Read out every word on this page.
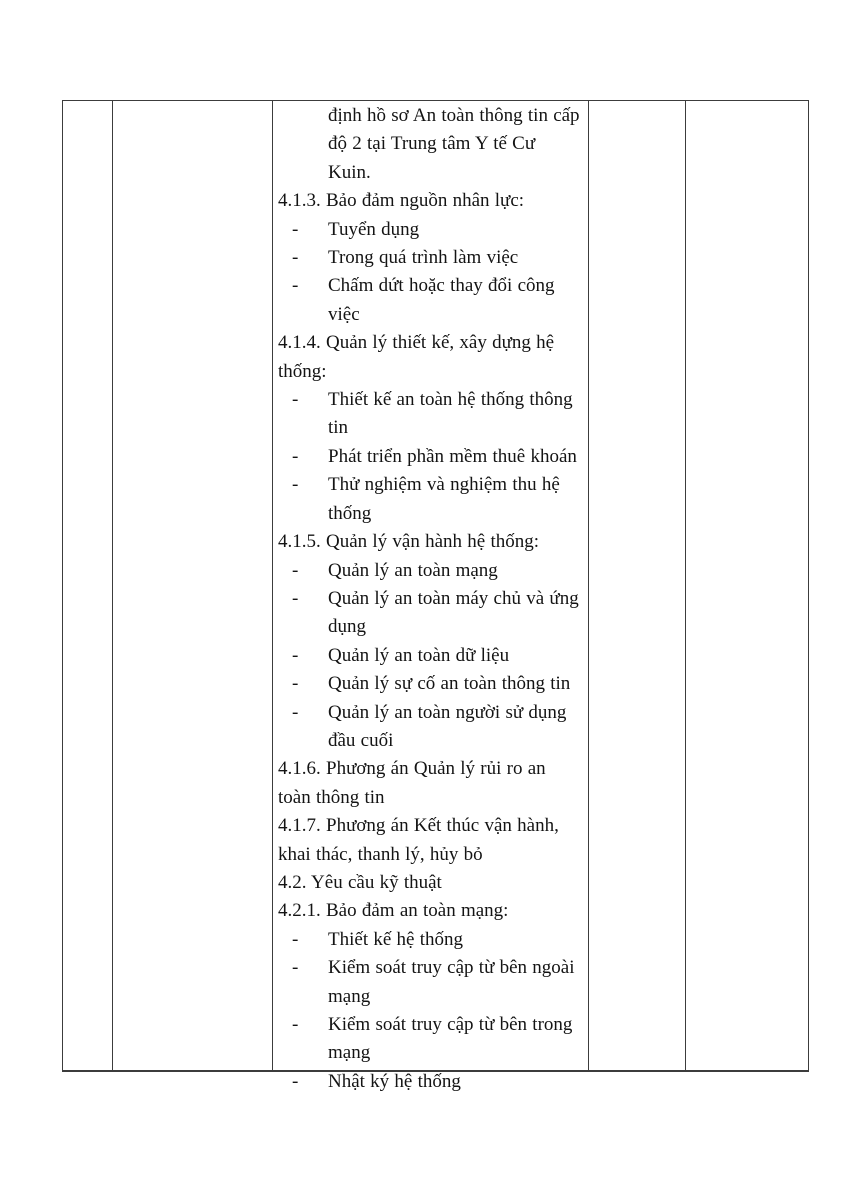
định hồ sơ An toàn thông tin cấp độ 2 tại Trung tâm Y tế Cư Kuin.
4.1.3. Bảo đảm nguồn nhân lực:
- Tuyển dụng
- Trong quá trình làm việc
- Chấm dứt hoặc thay đổi công việc
4.1.4. Quản lý thiết kế, xây dựng hệ thống:
- Thiết kế an toàn hệ thống thông tin
- Phát triển phần mềm thuê khoán
- Thử nghiệm và nghiệm thu hệ thống
4.1.5. Quản lý vận hành hệ thống:
- Quản lý an toàn mạng
- Quản lý an toàn máy chủ và ứng dụng
- Quản lý an toàn dữ liệu
- Quản lý sự cố an toàn thông tin
- Quản lý an toàn người sử dụng đầu cuối
4.1.6. Phương án Quản lý rủi ro an toàn thông tin
4.1.7. Phương án Kết thúc vận hành, khai thác, thanh lý, hủy bỏ
4.2. Yêu cầu kỹ thuật
4.2.1. Bảo đảm an toàn mạng:
- Thiết kế hệ thống
- Kiểm soát truy cập từ bên ngoài mạng
- Kiểm soát truy cập từ bên trong mạng
- Nhật ký hệ thống
